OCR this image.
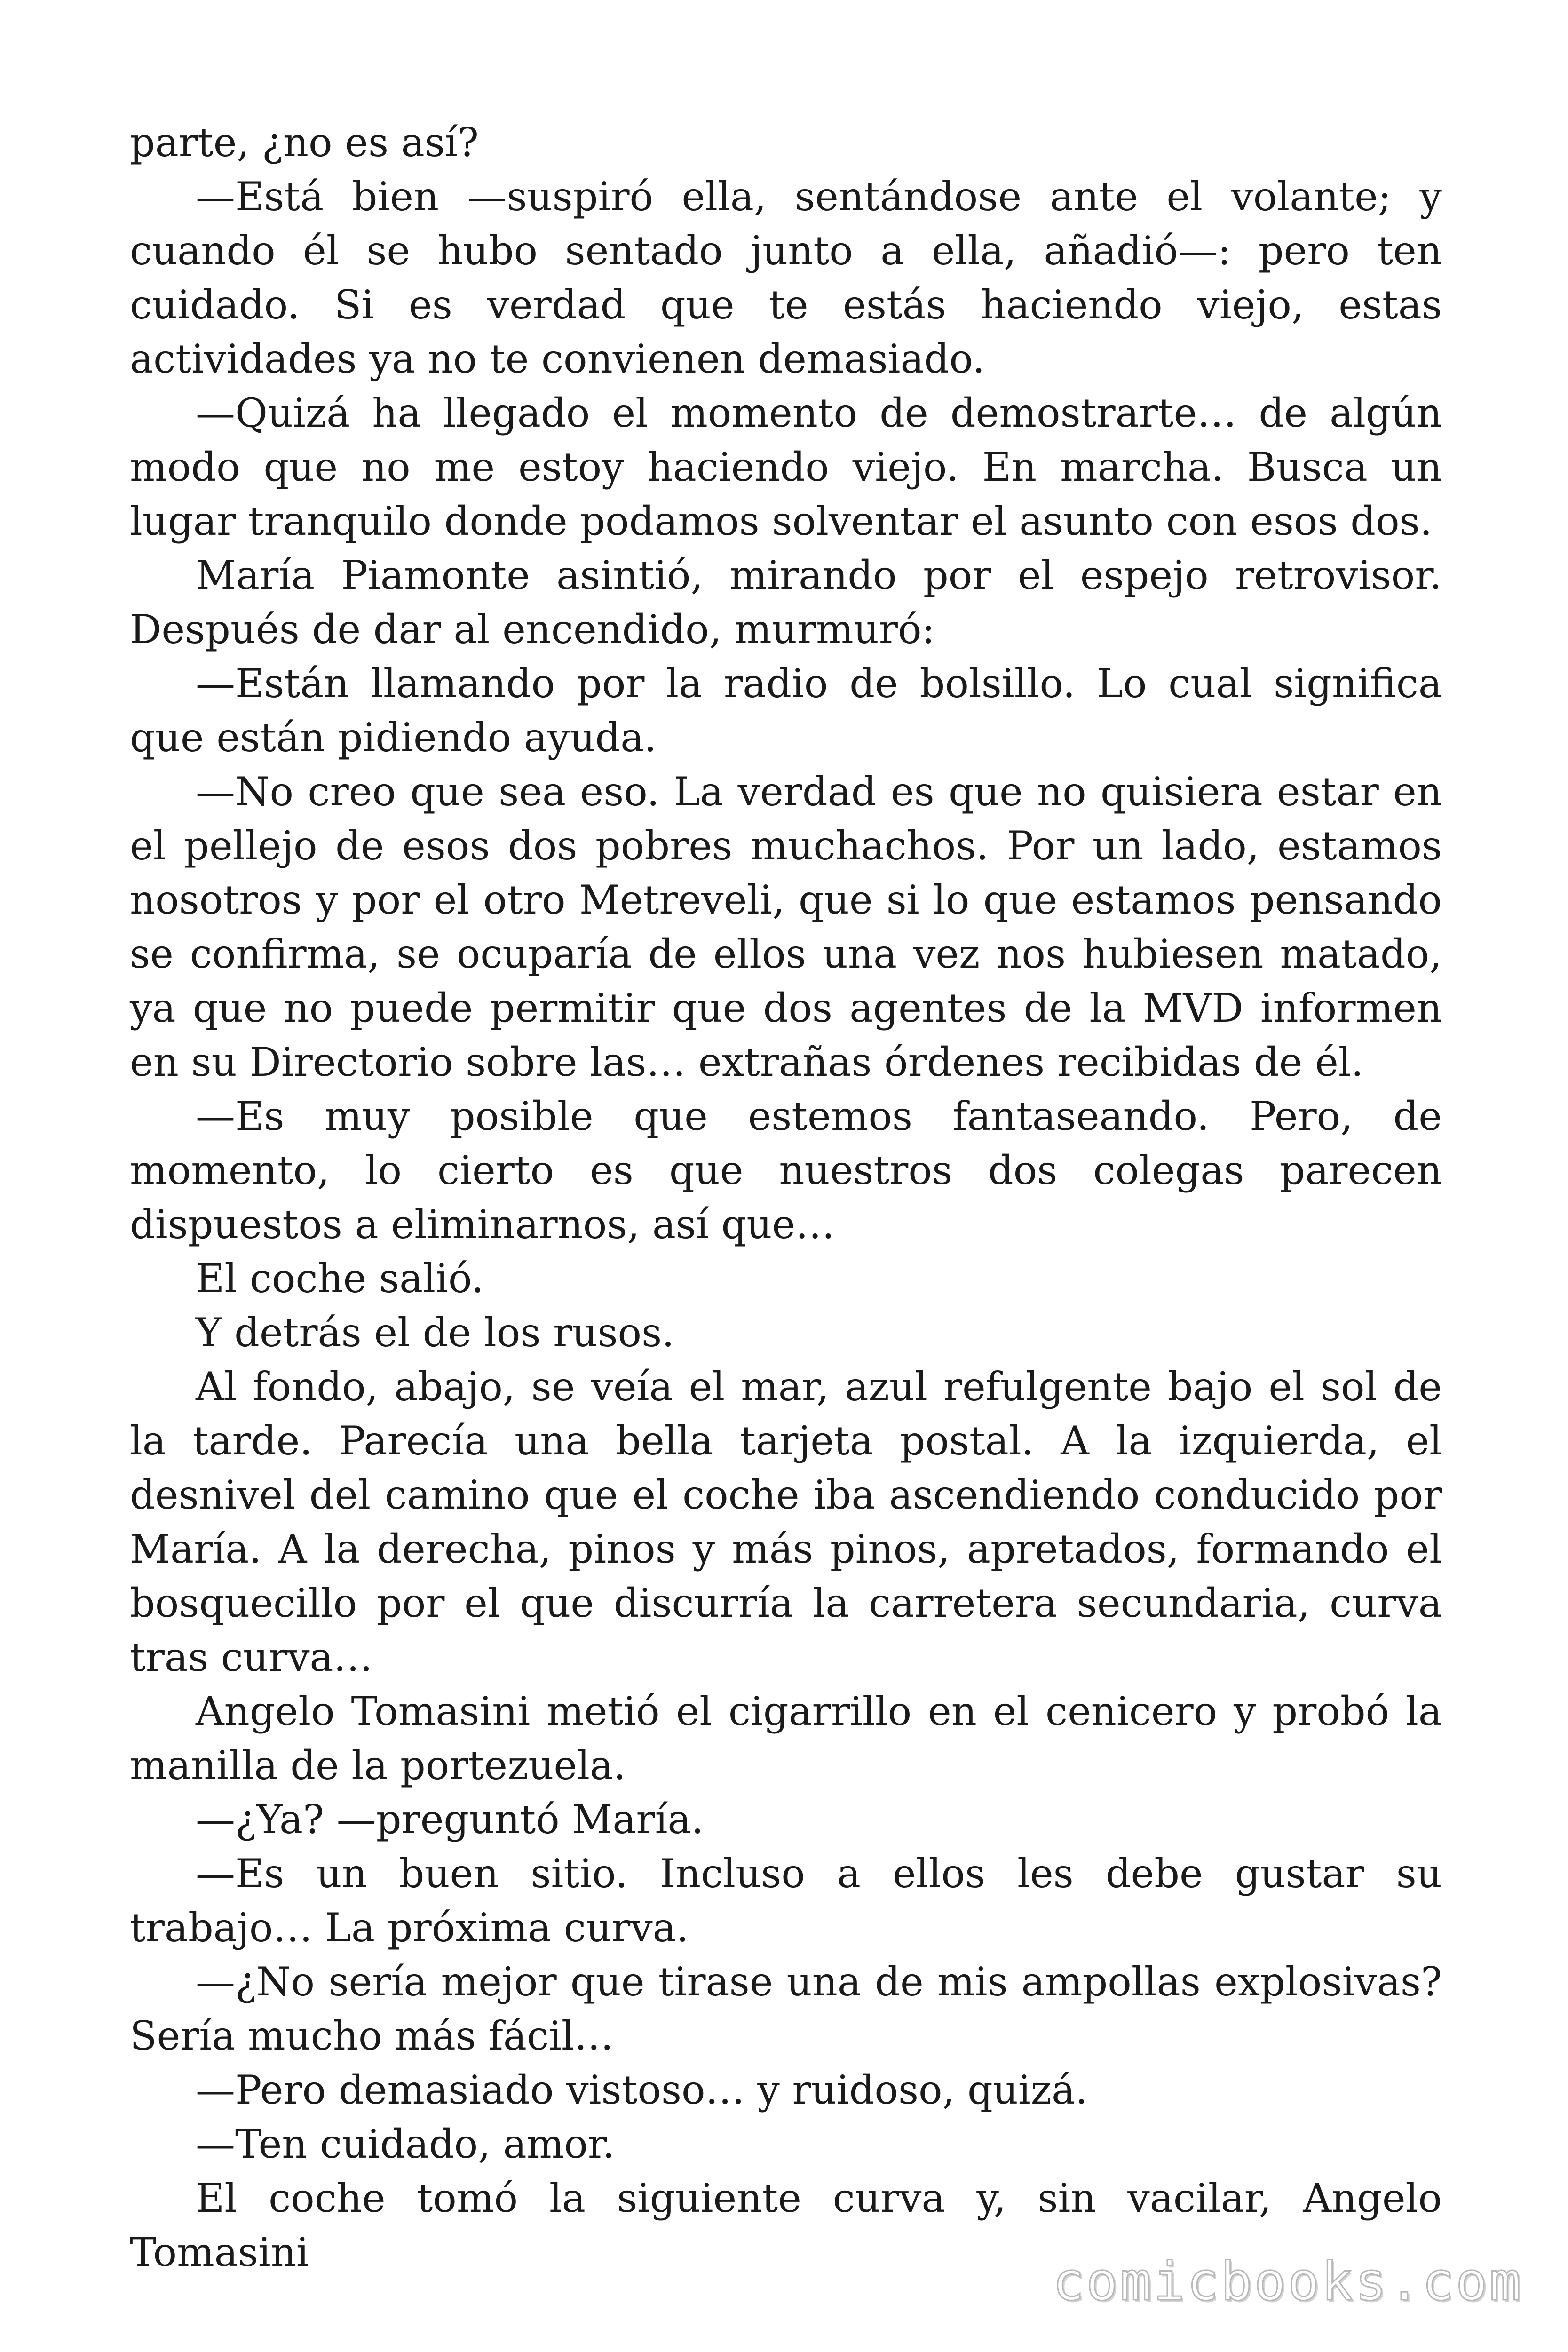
parte, ¿no es así?

—Está bien —suspiró ella, sentándose ante el volante; y cuando él se hubo sentado junto a ella, añadió—: pero ten cuidado. Si es verdad que te estás haciendo viejo, estas actividades ya no te convienen demasiado.

—Quizá ha llegado el momento de demostrarte… de algún modo que no me estoy haciendo viejo. En marcha. Busca un lugar tranquilo donde podamos solventar el asunto con esos dos.

María Piamonte asintió, mirando por el espejo retrovisor. Después de dar al encendido, murmuró:

—Están llamando por la radio de bolsillo. Lo cual significa que están pidiendo ayuda.

—No creo que sea eso. La verdad es que no quisiera estar en el pellejo de esos dos pobres muchachos. Por un lado, estamos nosotros y por el otro Metreveli, que si lo que estamos pensando se confirma, se ocuparía de ellos una vez nos hubiesen matado, ya que no puede permitir que dos agentes de la MVD informen en su Directorio sobre las… extrañas órdenes recibidas de él.

—Es muy posible que estemos fantaseando. Pero, de momento, lo cierto es que nuestros dos colegas parecen dispuestos a eliminarnos, así que…

El coche salió.

Y detrás el de los rusos.

Al fondo, abajo, se veía el mar, azul refulgente bajo el sol de la tarde. Parecía una bella tarjeta postal. A la izquierda, el desnivel del camino que el coche iba ascendiendo conducido por María. A la derecha, pinos y más pinos, apretados, formando el bosquecillo por el que discurría la carretera secundaria, curva tras curva…

Angelo Tomasini metió el cigarrillo en el cenicero y probó la manilla de la portezuela.

—¿Ya? —preguntó María.

—Es un buen sitio. Incluso a ellos les debe gustar su trabajo… La próxima curva.

—¿No sería mejor que tirase una de mis ampollas explosivas? Sería mucho más fácil…

—Pero demasiado vistoso… y ruidoso, quizá.

—Ten cuidado, amor.

El coche tomó la siguiente curva y, sin vacilar, Angelo Tomasini	comicbooks.com
